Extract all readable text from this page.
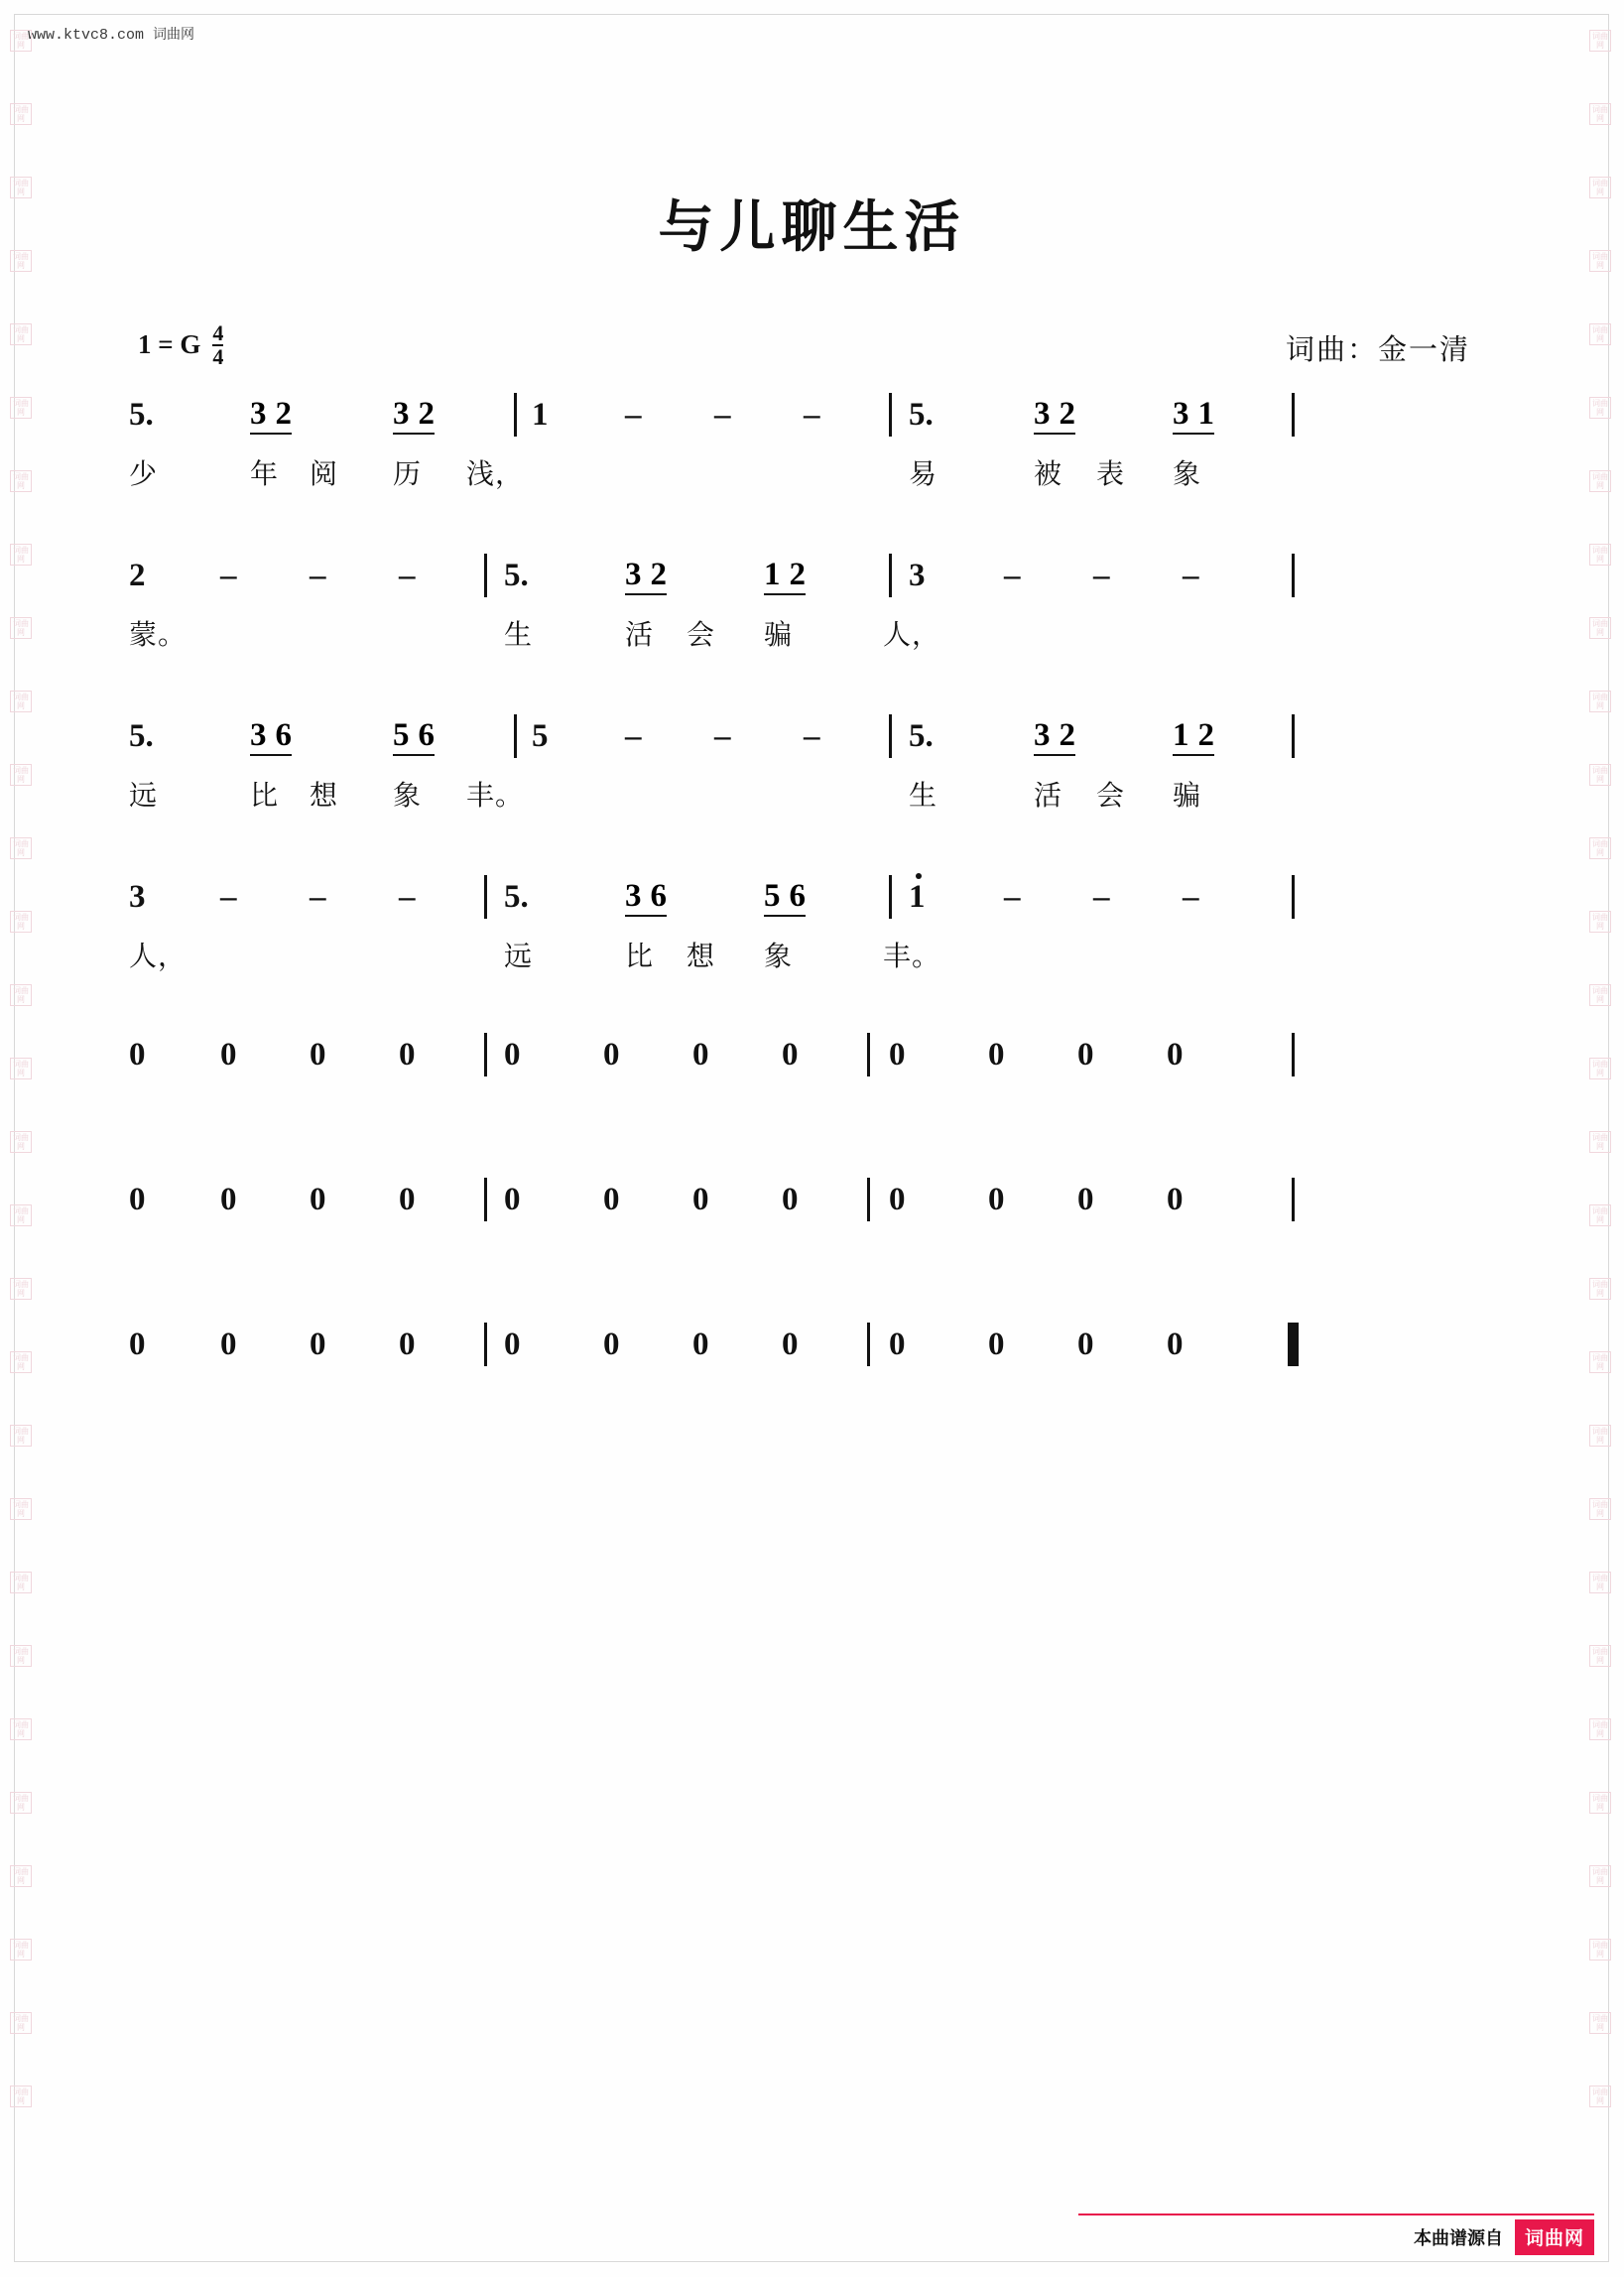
www.ktvc8.com 词曲网
词曲网
词曲网
词曲网
词曲网
词曲网
词曲网
词曲网
词曲网
词曲网
词曲网
词曲网
词曲网
词曲网
词曲网
词曲网
词曲网
词曲网
词曲网
词曲网
词曲网
词曲网
词曲网
词曲网
词曲网
词曲网
词曲网
词曲网
词曲网
词曲网
词曲网
词曲网
词曲网
词曲网
词曲网
词曲网
词曲网
词曲网
词曲网
词曲网
词曲网
词曲网
词曲网
词曲网
词曲网
词曲网
词曲网
词曲网
词曲网
词曲网
词曲网
词曲网
词曲网
词曲网
词曲网
词曲网
词曲网
词曲网
词曲网
与儿聊生活
1 = G $\frac{4}{4}$	词曲：金一清
5.	3 2	3 2	1 – – –	5.	3 2	3 1
少	年 阅 历 浅，	易	被 表 象
2 – – –	5.	3 2	1 2	3 – – –
蒙。	生	活 会 骗	人，
5.	3 6	5 6	5 – – –	5.	3 2	1 2
远	比 想 象 丰。	生	活 会 骗
3 – – –	5.	3 6	5 6	1 – – –
人，	远	比 想 象	丰。
0 0 0 0	0	0 0 0	0	0 0 0
0 0 0 0	0	0 0 0	0	0 0 0
0 0 0 0	0	0 0 0	0	0 0 0
本曲谱源自	词曲网
